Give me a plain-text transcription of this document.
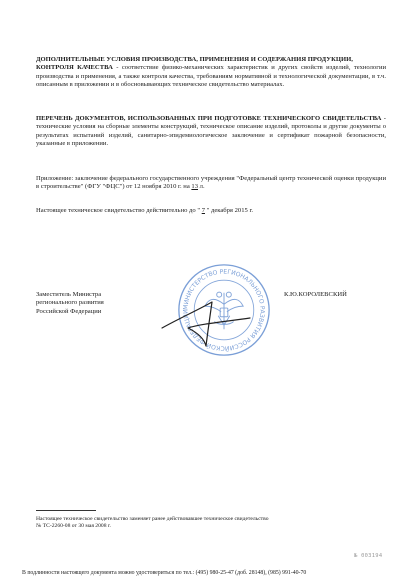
ДОПОЛНИТЕЛЬНЫЕ УСЛОВИЯ ПРОИЗВОДСТВА, ПРИМЕНЕНИЯ И СОДЕРЖАНИЯ ПРОДУКЦИИ,
КОНТРОЛЯ КАЧЕСТВА - соответствие физико-механических характеристик и других свойств изделий, технологии производства и применения, а также контроля качества, требованиям нормативной и технологической документации, в т.ч. описанным в приложении и в обосновывающих техническое свидетельство материалах.
ПЕРЕЧЕНЬ ДОКУМЕНТОВ, ИСПОЛЬЗОВАННЫХ ПРИ ПОДГОТОВКЕ ТЕХНИЧЕСКОГО СВИДЕТЕЛЬСТВА - технические условия на сборные элементы конструкций, техническое описание изделий, протоколы и другие документы о результатах испытаний изделий, санитарно-эпидемиологическое заключение и сертификат пожарной безопасности, указанные в приложении.
Приложение: заключение федерального государственного учреждения "Федеральный центр технической оценки продукции в строительстве" (ФГУ "ФЦС") от 12 ноября 2010 г. на 13 л.
Настоящее техническое свидетельство действительно до " 7 " декабря 2015 г.
Заместитель Министра
регионального развития
Российской Федерации
МИНИСТЕРСТВО РЕГИОНАЛЬНОГО РАЗВИТИЯ РОССИЙСКОЙ ФЕДЕРАЦИИ
К.Ю.КОРОЛЕВСКИЙ
Настоящее техническое свидетельство заменяет ранее действовавшее техническое свидетельство
№ ТС-2260-08 от 30 мая 2008 г.
№ 003194
В подлинности настоящего документа можно удостовериться по тел.: (495) 980-25-47 (доб. 28148), (985) 991-40-70
